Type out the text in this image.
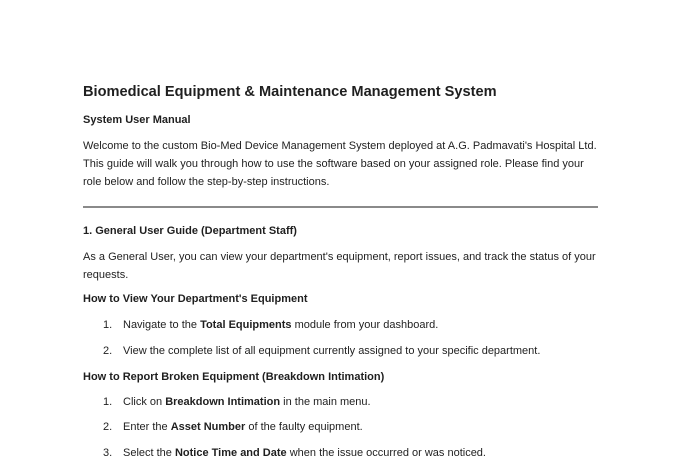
Biomedical Equipment & Maintenance Management System
System User Manual

Welcome to the custom Bio-Med Device Management System deployed at A.G. Padmavati's Hospital Ltd. This guide will walk you through how to use the software based on your assigned role. Please find your role below and follow the step-by-step instructions.

1. General User Guide (Department Staff)

As a General User, you can view your department's equipment, report issues, and track the status of your requests.

How to View Your Department's Equipment

1. Navigate to the Total Equipments module from your dashboard.

2. View the complete list of all equipment currently assigned to your specific department.

How to Report Broken Equipment (Breakdown Intimation)

1. Click on Breakdown Intimation in the main menu.

2. Enter the Asset Number of the faulty equipment.

3. Select the Notice Time and Date when the issue occurred or was noticed.
